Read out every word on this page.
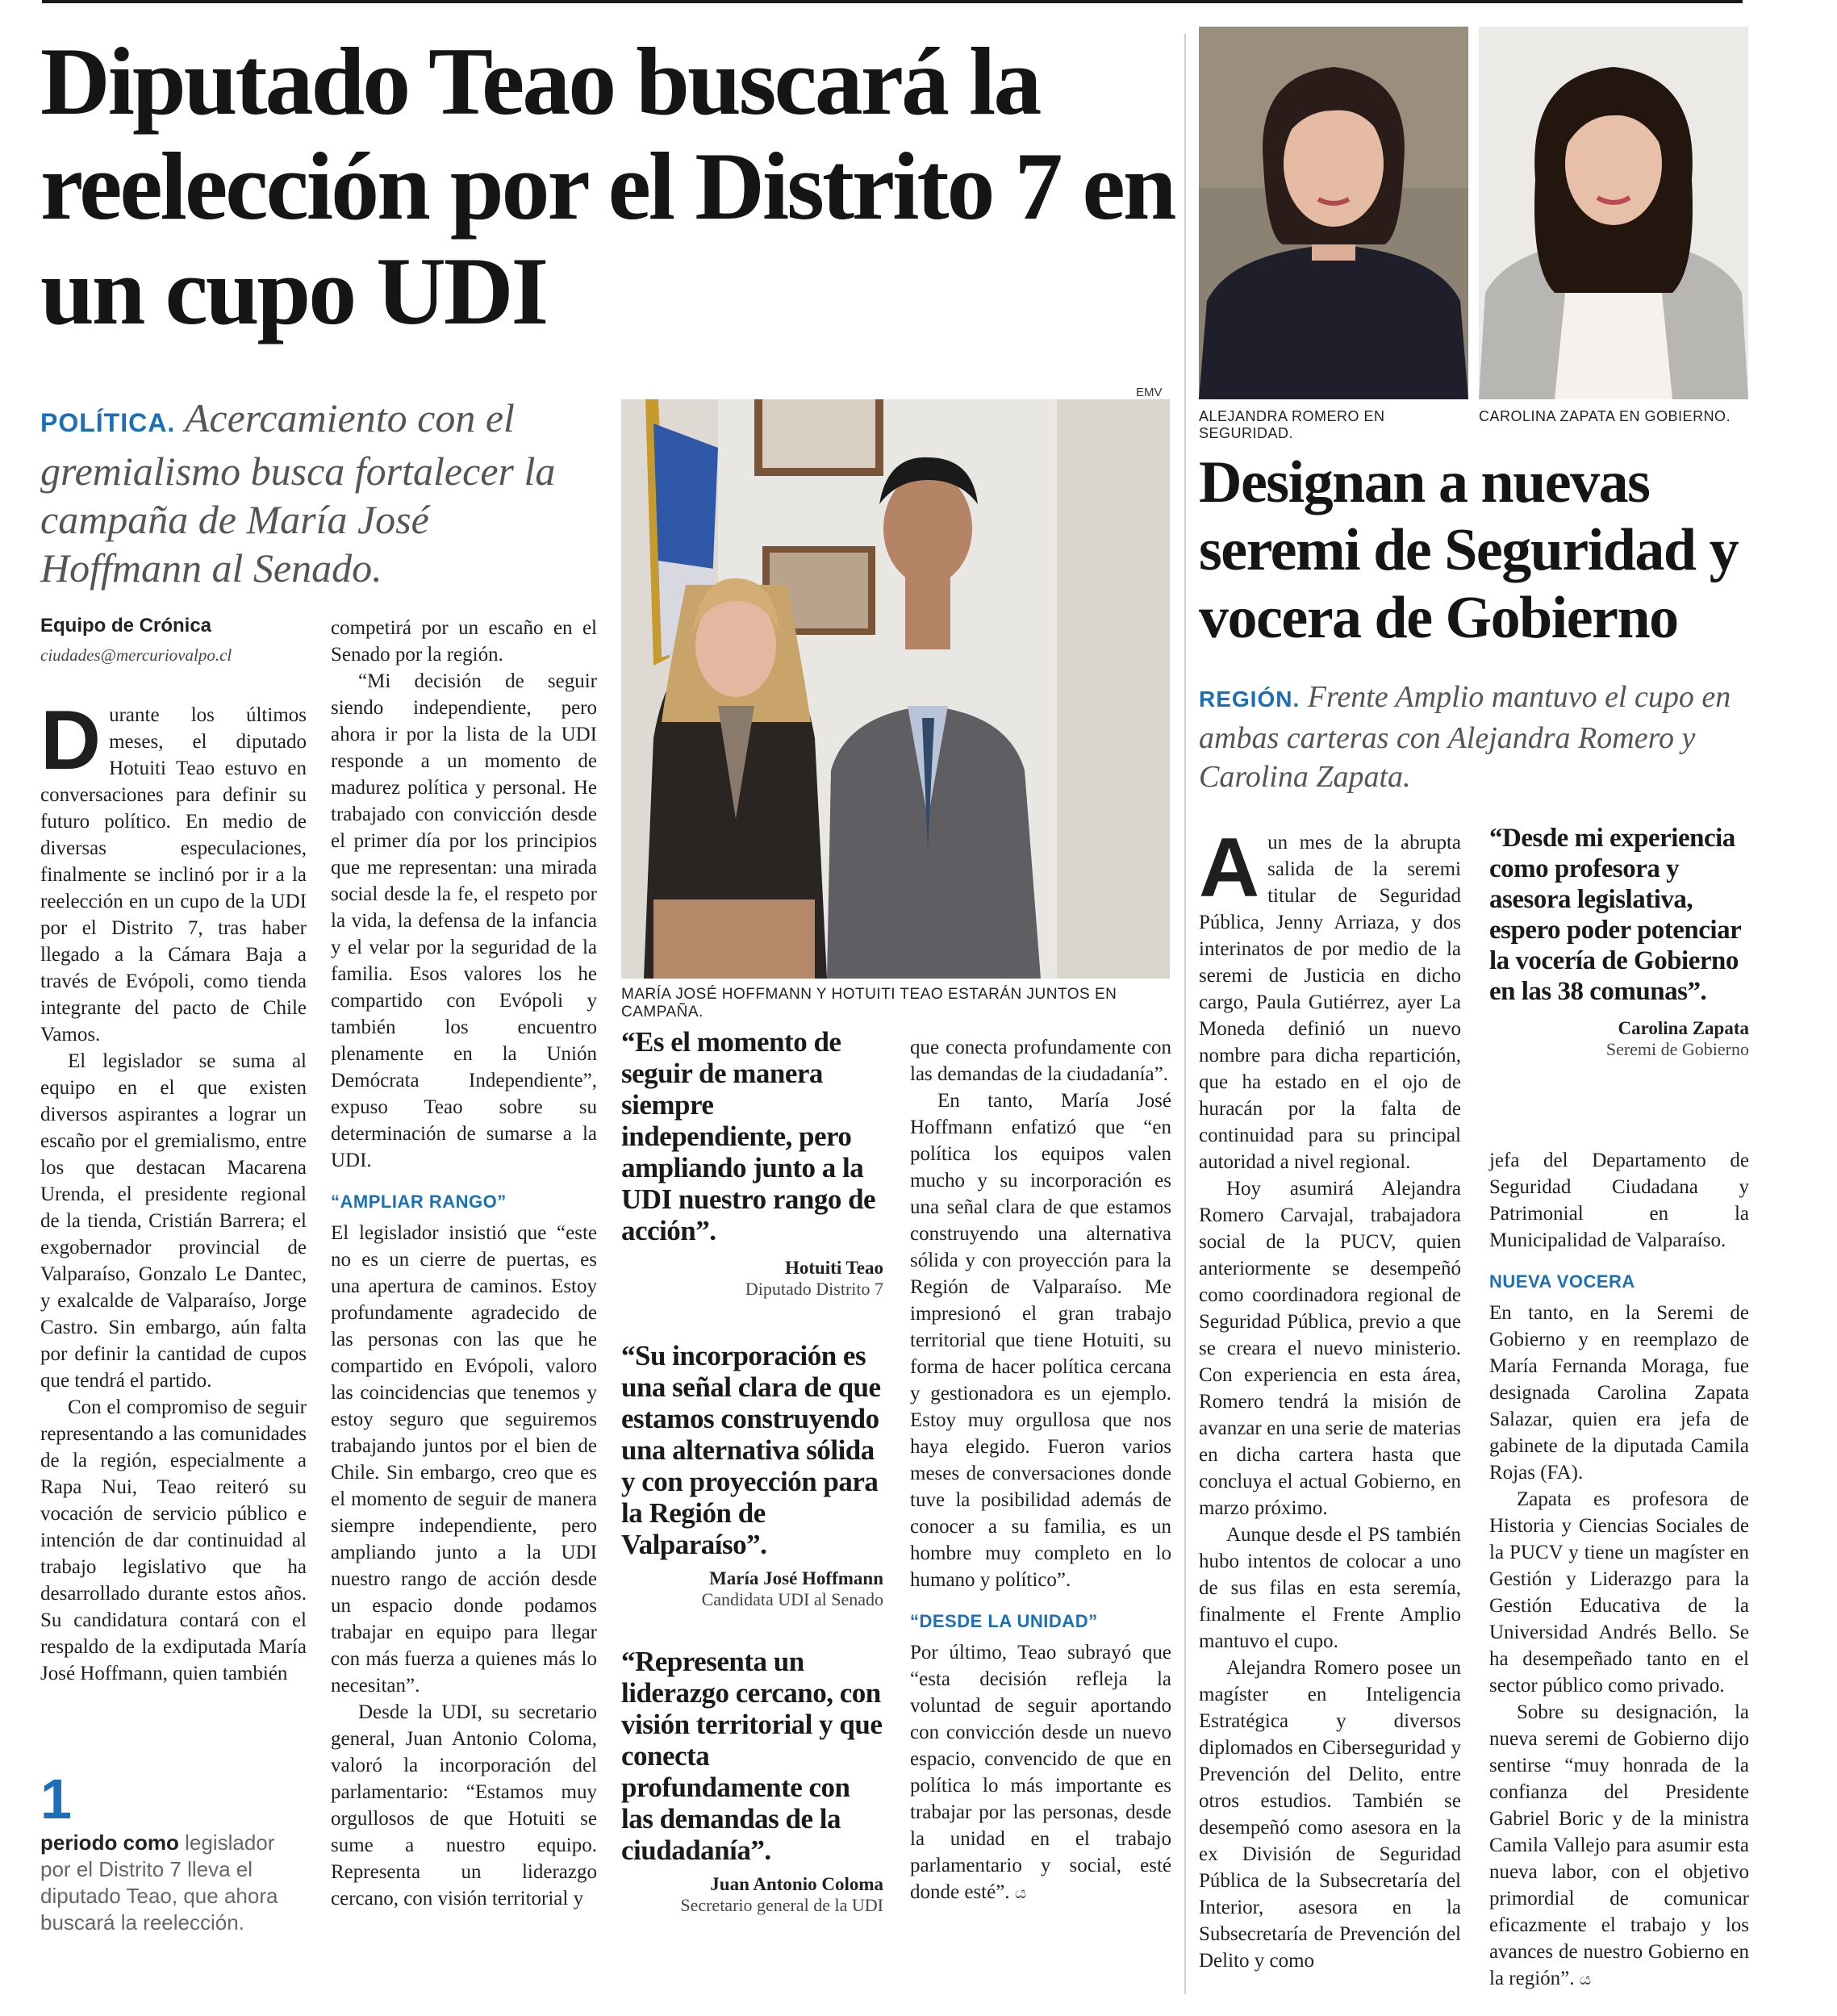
Diputado Teao buscará la reelección por el Distrito 7 en un cupo UDI
POLÍTICA. Acercamiento con el gremialismo busca fortalecer la campaña de María José Hoffmann al Senado.
Equipo de Crónica
ciudades@mercuriovalpo.cl

Durante los últimos meses, el diputado Hotuiti Teao estuvo en conversaciones para definir su futuro político. En medio de diversas especulaciones, finalmente se inclinó por ir a la reelección en un cupo de la UDI por el Distrito 7, tras haber llegado a la Cámara Baja a través de Evópoli, como tienda integrante del pacto de Chile Vamos.

El legislador se suma al equipo en el que existen diversos aspirantes a lograr un escaño por el gremialismo, entre los que destacan Macarena Urenda, el presidente regional de la tienda, Cristián Barrera; el exgobernador provincial de Valparaíso, Gonzalo Le Dantec, y exalcalde de Valparaíso, Jorge Castro. Sin embargo, aún falta por definir la cantidad de cupos que tendrá el partido.

Con el compromiso de seguir representando a las comunidades de la región, especialmente a Rapa Nui, Teao reiteró su vocación de servicio público e intención de dar continuidad al trabajo legislativo que ha desarrollado durante estos años. Su candidatura contará con el respaldo de la exdiputada María José Hoffmann, quien también

1
periodo como legislador por el Distrito 7 lleva el diputado Teao, que ahora buscará la reelección.

competirá por un escaño en el Senado por la región.

“Mi decisión de seguir siendo independiente, pero ahora ir por la lista de la UDI responde a un momento de madurez política y personal. He trabajado con convicción desde el primer día por los principios que me representan: una mirada social desde la fe, el respeto por la vida, la defensa de la infancia y el velar por la seguridad de la familia. Esos valores los he compartido con Evópoli y también los encuentro plenamente en la Unión Demócrata Independiente”, expuso Teao sobre su determinación de sumarse a la UDI.

“AMPLIAR RANGO”

El legislador insistió que “este no es un cierre de puertas, es una apertura de caminos. Estoy profundamente agradecido de las personas con las que he compartido en Evópoli, valoro las coincidencias que tenemos y estoy seguro que seguiremos trabajando juntos por el bien de Chile. Sin embargo, creo que es el momento de seguir de manera siempre independiente, pero ampliando junto a la UDI nuestro rango de acción desde un espacio donde podamos trabajar en equipo para llegar con más fuerza a quienes más lo necesitan”.

Desde la UDI, su secretario general, Juan Antonio Coloma, valoró la incorporación del parlamentario: “Estamos muy orgullosos de que Hotuiti se sume a nuestro equipo. Representa un liderazgo cercano, con visión territorial y

EMV
MARÍA JOSÉ HOFFMANN Y HOTUITI TEAO ESTARÁN JUNTOS EN CAMPAÑA.
“Es el momento de seguir de manera siempre independiente, pero ampliando junto a la UDI nuestro rango de acción”.
Hotuiti Teao
Diputado Distrito 7
“Su incorporación es una señal clara de que estamos construyendo una alternativa sólida y con proyección para la Región de Valparaíso”.
María José Hoffmann
Candidata UDI al Senado
“Representa un liderazgo cercano, con visión territorial y que conecta profundamente con las demandas de la ciudadanía”.
Juan Antonio Coloma
Secretario general de la UDI

que conecta profundamente con las demandas de la ciudadanía”.

En tanto, María José Hoffmann enfatizó que “en política los equipos valen mucho y su incorporación es una señal clara de que estamos construyendo una alternativa sólida y con proyección para la Región de Valparaíso. Me impresionó el gran trabajo territorial que tiene Hotuiti, su forma de hacer política cercana y gestionadora es un ejemplo. Estoy muy orgullosa que nos haya elegido. Fueron varios meses de conversaciones donde tuve la posibilidad además de conocer a su familia, es un hombre muy completo en lo humano y político”.

“DESDE LA UNIDAD”

Por último, Teao subrayó que “esta decisión refleja la voluntad de seguir aportando con convicción desde un nuevo espacio, convencido de que en política lo más importante es trabajar por las personas, desde la unidad en el trabajo parlamentario y social, esté donde esté”. ය

ALEJANDRA ROMERO EN SEGURIDAD.
CAROLINA ZAPATA EN GOBIERNO.
Designan a nuevas seremi de Seguridad y vocera de Gobierno
REGIÓN. Frente Amplio mantuvo el cupo en ambas carteras con Alejandra Romero y Carolina Zapata.

Aun mes de la abrupta salida de la seremi titular de Seguridad Pública, Jenny Arriaza, y dos interinatos de por medio de la seremi de Justicia en dicho cargo, Paula Gutiérrez, ayer La Moneda definió un nuevo nombre para dicha repartición, que ha estado en el ojo de huracán por la falta de continuidad para su principal autoridad a nivel regional.

Hoy asumirá Alejandra Romero Carvajal, trabajadora social de la PUCV, quien anteriormente se desempeñó como coordinadora regional de Seguridad Pública, previo a que se creara el nuevo ministerio. Con experiencia en esta área, Romero tendrá la misión de avanzar en una serie de materias en dicha cartera hasta que concluya el actual Gobierno, en marzo próximo.

Aunque desde el PS también hubo intentos de colocar a uno de sus filas en esta seremía, finalmente el Frente Amplio mantuvo el cupo.

Alejandra Romero posee un magíster en Inteligencia Estratégica y diversos diplomados en Ciberseguridad y Prevención del Delito, entre otros estudios. También se desempeñó como asesora en la ex División de Seguridad Pública de la Subsecretaría del Interior, asesora en la Subsecretaría de Prevención del Delito y como

“Desde mi experiencia como profesora y asesora legislativa, espero poder potenciar la vocería de Gobierno en las 38 comunas”.
Carolina Zapata
Seremi de Gobierno

jefa del Departamento de Seguridad Ciudadana y Patrimonial en la Municipalidad de Valparaíso.

NUEVA VOCERA

En tanto, en la Seremi de Gobierno y en reemplazo de María Fernanda Moraga, fue designada Carolina Zapata Salazar, quien era jefa de gabinete de la diputada Camila Rojas (FA).

Zapata es profesora de Historia y Ciencias Sociales de la PUCV y tiene un magíster en Gestión y Liderazgo para la Gestión Educativa de la Universidad Andrés Bello. Se ha desempeñado tanto en el sector público como privado.

Sobre su designación, la nueva seremi de Gobierno dijo sentirse “muy honrada de la confianza del Presidente Gabriel Boric y de la ministra Camila Vallejo para asumir esta nueva labor, con el objetivo primordial de comunicar eficazmente el trabajo y los avances de nuestro Gobierno en la región”. ය
